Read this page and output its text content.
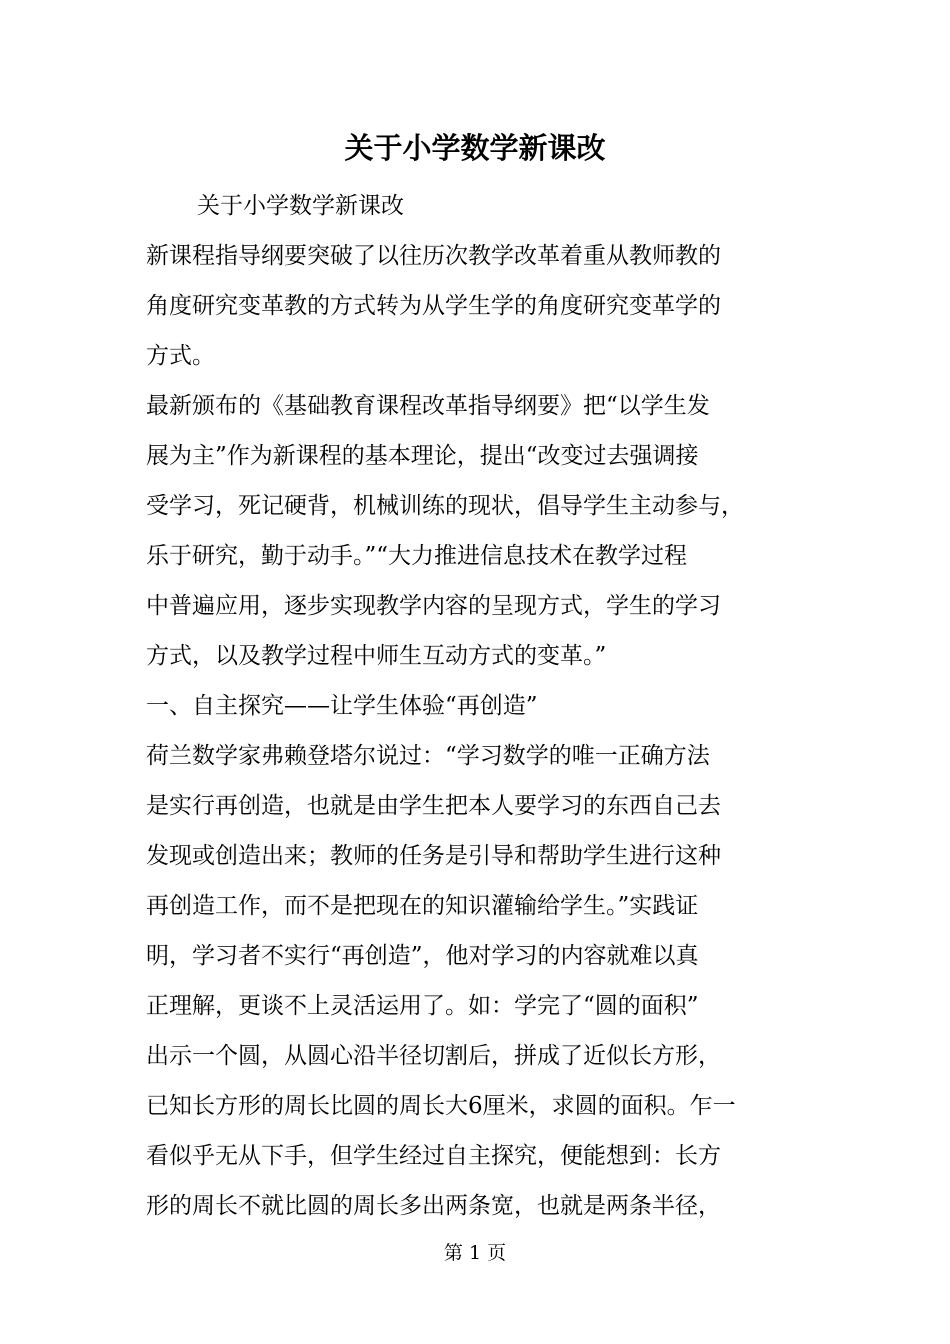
关于小学数学新课改
关于小学数学新课改
新课程指导纲要突破了以往历次教学改革着重从教师教的
角度研究变革教的方式转为从学生学的角度研究变革学的
方式。
最新颁布的《基础教育课程改革指导纲要》把“以学生发
展为主”作为新课程的基本理论，提出“改变过去强调接
受学习，死记硬背，机械训练的现状，倡导学生主动参与，
乐于研究，勤于动手。”“大力推进信息技术在教学过程
中普遍应用，逐步实现教学内容的呈现方式，学生的学习
方式，以及教学过程中师生互动方式的变革。”
一、自主探究——让学生体验“再创造”
荷兰数学家弗赖登塔尔说过：“学习数学的唯一正确方法
是实行再创造，也就是由学生把本人要学习的东西自己去
发现或创造出来；教师的任务是引导和帮助学生进行这种
再创造工作，而不是把现在的知识灌输给学生。”实践证
明，学习者不实行“再创造”，他对学习的内容就难以真
正理解，更谈不上灵活运用了。如：学完了“圆的面积”
出示一个圆，从圆心沿半径切割后，拼成了近似长方形，
已知长方形的周长比圆的周长大6厘米，求圆的面积。乍一
看似乎无从下手，但学生经过自主探究，便能想到：长方
形的周长不就比圆的周长多出两条宽，也就是两条半径，
第 1 页
